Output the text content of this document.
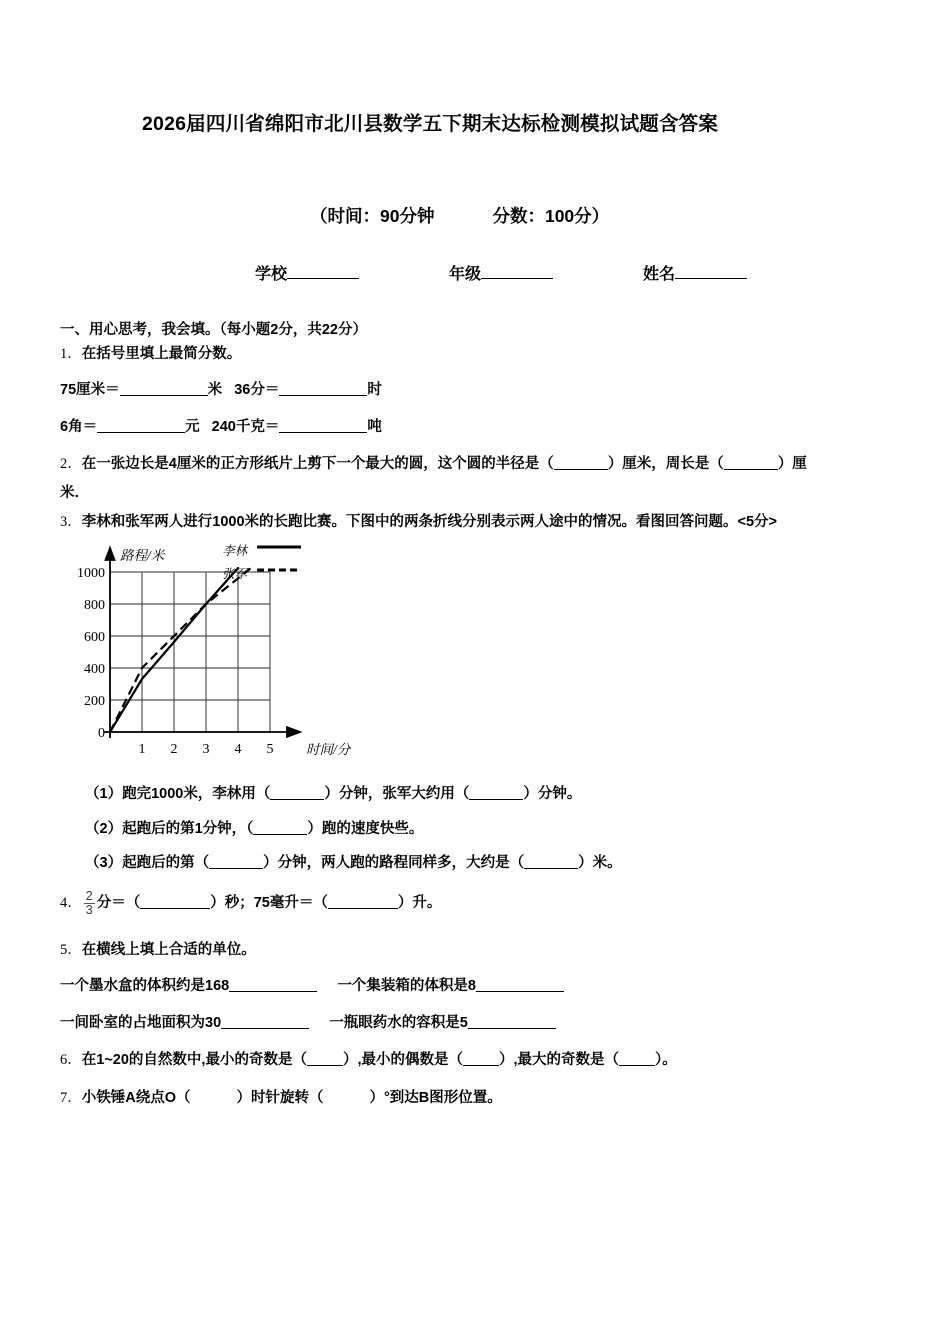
2026届四川省绵阳市北川县数学五下期末达标检测模拟试题含答案

（时间：90分钟	分数：100分）

学校	年级	姓名

一、用心思考，我会填。（每小题2分，共22分）

1．在括号里填上最简分数。

75厘米＝	米 36分＝	时

6角＝	元 240千克＝	吨

2．在一张边长是4厘米的正方形纸片上剪下一个最大的圆，这个圆的半径是（	）厘米，周长是（	）厘
米．

3．李林和张军两人进行1000米的长跑比赛。下图中的两条折线分别表示两人途中的情况。看图回答问题。<5分>

0
200
400
600
800
1000
1 2 3 4 5
路程/米
时间/分
李林
张军

（1）跑完1000米，李林用（	）分钟，张军大约用（	）分钟。

（2）起跑后的第1分钟，（	）跑的速度快些。

（3）起跑后的第（	）分钟，两人跑的路程同样多，大约是（	）米。

4． $\frac{2}{3}$ 分＝（	）秒；75毫升＝（	）升。

5．在横线上填上合适的单位。

一个墨水盒的体积约是168	一个集装箱的体积是8

一间卧室的占地面积为30	一瓶眼药水的容积是5

6．在1~20的自然数中,最小的奇数是（ ）,最小的偶数是（ ）,最大的奇数是（ ）。

7．小铁锤A绕点O（	）时针旋转（	）°到达B图形位置。
